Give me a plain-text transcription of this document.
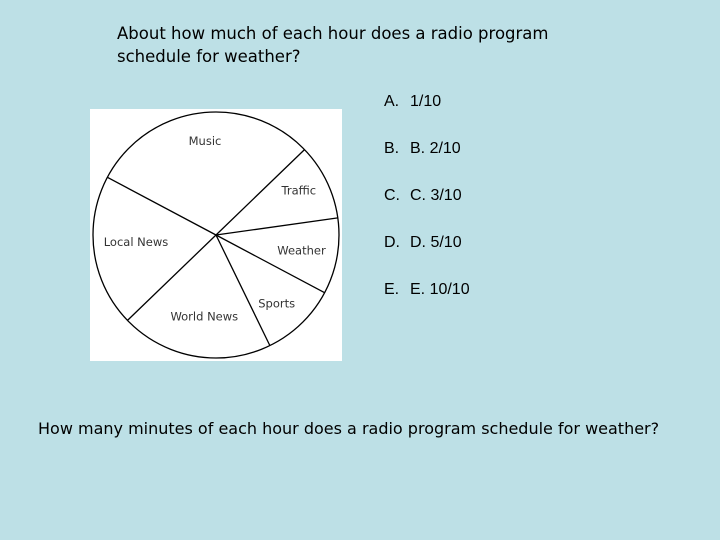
About how much of each hour does a radio program schedule for weather?
Music
Traffic
Weather
Sports
World News
Local News
A. 1/10
B. B. 2/10
C. C. 3/10
D. D. 5/10
E. E. 10/10
How many minutes of each hour does a radio program schedule for weather?
